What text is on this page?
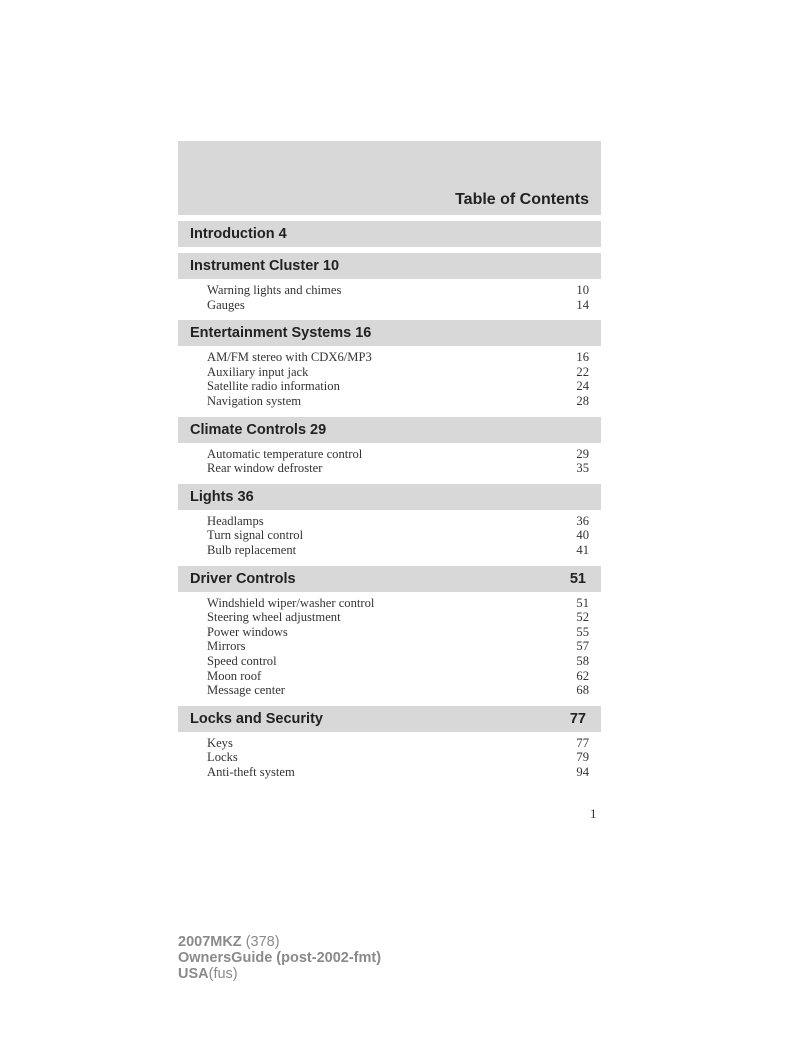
Table of Contents
Introduction 4
Instrument Cluster 10
Warning lights and chimes	10
Gauges	14
Entertainment Systems 16
AM/FM stereo with CDX6/MP3	16
Auxiliary input jack	22
Satellite radio information	24
Navigation system	28
Climate Controls 29
Automatic temperature control	29
Rear window defroster	35
Lights 36
Headlamps	36
Turn signal control	40
Bulb replacement	41
Driver Controls	51
Windshield wiper/washer control	51
Steering wheel adjustment	52
Power windows	55
Mirrors	57
Speed control	58
Moon roof	62
Message center	68
Locks and Security	77
Keys	77
Locks	79
Anti-theft system	94
1
2007MKZ (378)
OwnersGuide (post-2002-fmt)
USA(fus)
